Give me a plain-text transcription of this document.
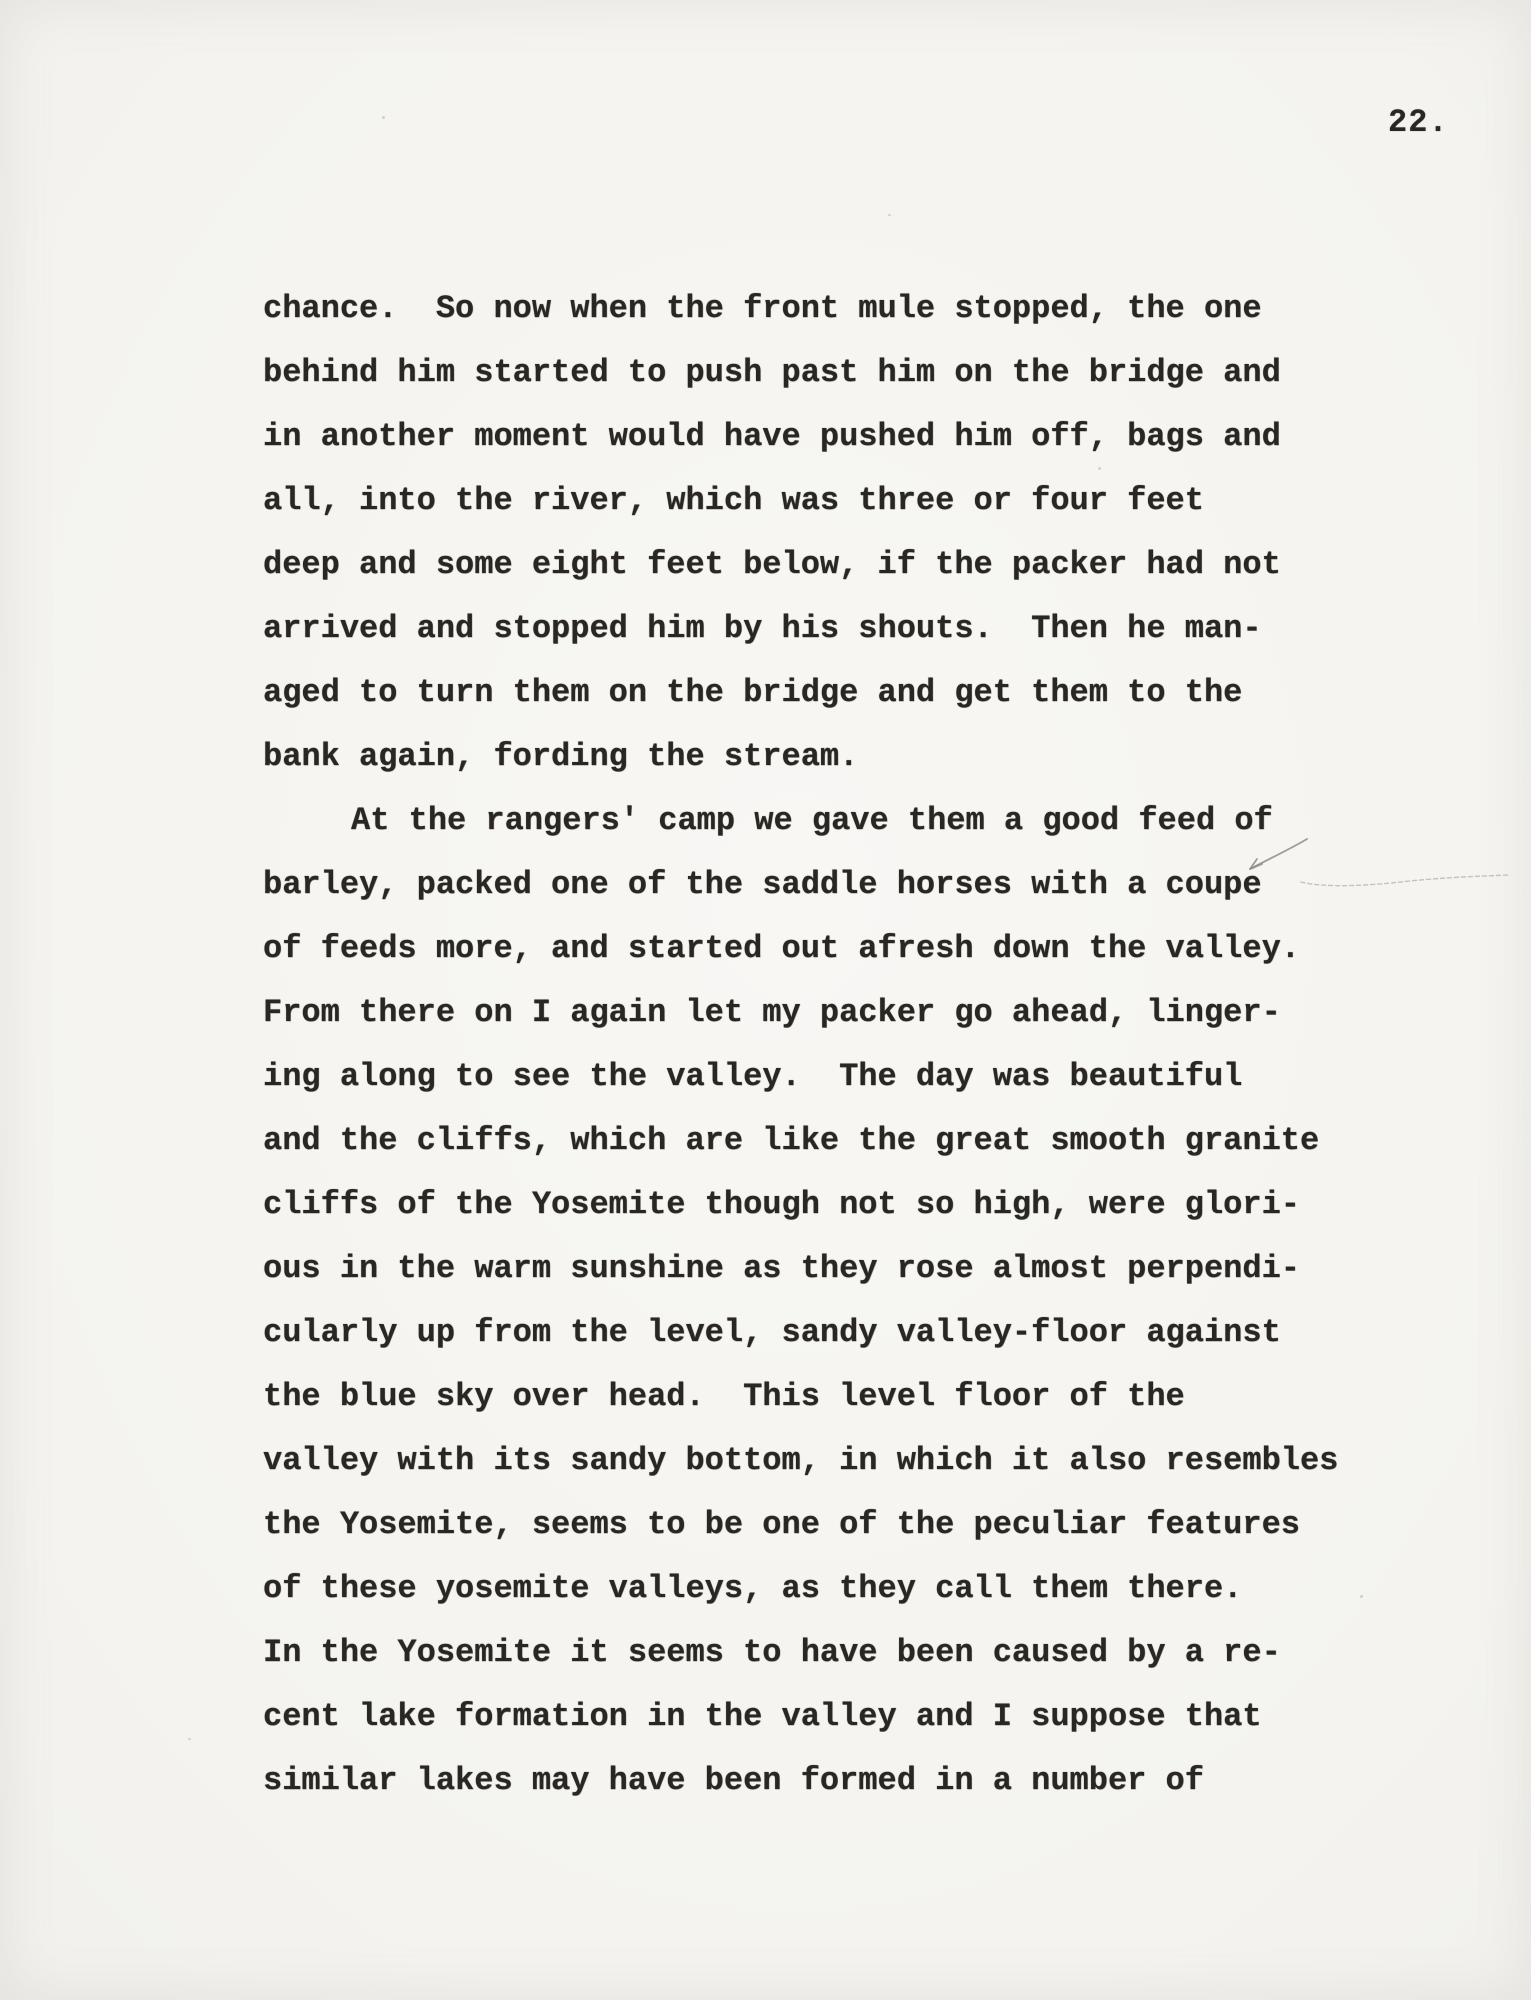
22.
chance.  So now when the front mule stopped, the one
behind him started to push past him on the bridge and
in another moment would have pushed him off, bags and
all, into the river, which was three or four feet
deep and some eight feet below, if the packer had not
arrived and stopped him by his shouts.  Then he man-
aged to turn them on the bridge and get them to the
bank again, fording the stream.
At the rangers' camp we gave them a good feed of
barley, packed one of the saddle horses with a coupe
of feeds more, and started out afresh down the valley.
From there on I again let my packer go ahead, linger-
ing along to see the valley.  The day was beautiful
and the cliffs, which are like the great smooth granite
cliffs of the Yosemite though not so high, were glori-
ous in the warm sunshine as they rose almost perpendi-
cularly up from the level, sandy valley-floor against
the blue sky over head.  This level floor of the
valley with its sandy bottom, in which it also resembles
the Yosemite, seems to be one of the peculiar features
of these yosemite valleys, as they call them there.
In the Yosemite it seems to have been caused by a re-
cent lake formation in the valley and I suppose that
similar lakes may have been formed in a number of
